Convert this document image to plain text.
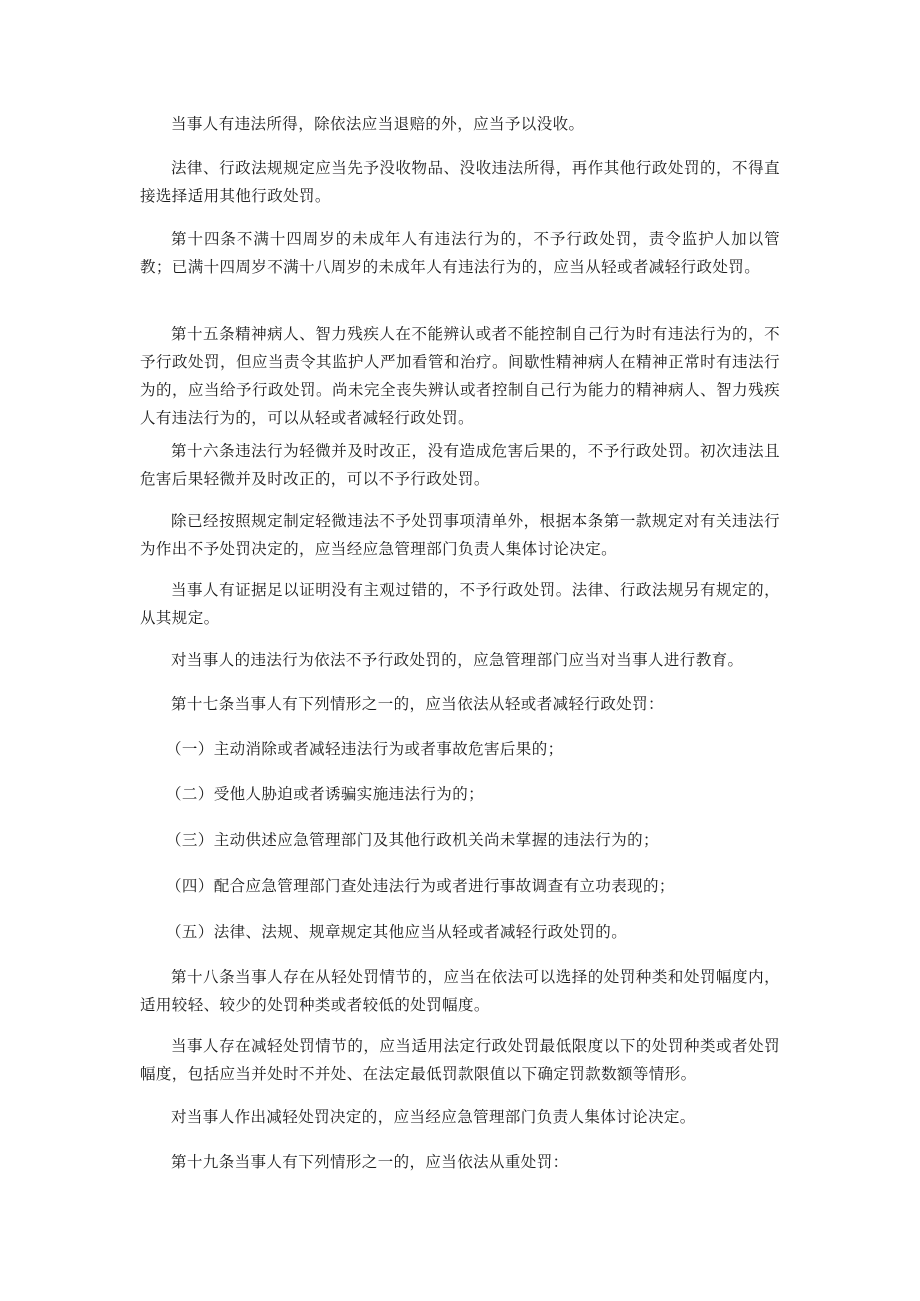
当事人有违法所得，除依法应当退赔的外，应当予以没收。

法律、行政法规规定应当先予没收物品、没收违法所得，再作其他行政处罚的，不得直接选择适用其他行政处罚。

第十四条不满十四周岁的未成年人有违法行为的，不予行政处罚，责令监护人加以管教；已满十四周岁不满十八周岁的未成年人有违法行为的，应当从轻或者减轻行政处罚。

第十五条精神病人、智力残疾人在不能辨认或者不能控制自己行为时有违法行为的，不予行政处罚，但应当责令其监护人严加看管和治疗。间歇性精神病人在精神正常时有违法行为的，应当给予行政处罚。尚未完全丧失辨认或者控制自己行为能力的精神病人、智力残疾人有违法行为的，可以从轻或者减轻行政处罚。

第十六条违法行为轻微并及时改正，没有造成危害后果的，不予行政处罚。初次违法且危害后果轻微并及时改正的，可以不予行政处罚。

除已经按照规定制定轻微违法不予处罚事项清单外，根据本条第一款规定对有关违法行为作出不予处罚决定的，应当经应急管理部门负责人集体讨论决定。

当事人有证据足以证明没有主观过错的，不予行政处罚。法律、行政法规另有规定的，从其规定。

对当事人的违法行为依法不予行政处罚的，应急管理部门应当对当事人进行教育。

第十七条当事人有下列情形之一的，应当依法从轻或者减轻行政处罚：

（一）主动消除或者减轻违法行为或者事故危害后果的；

（二）受他人胁迫或者诱骗实施违法行为的；

（三）主动供述应急管理部门及其他行政机关尚未掌握的违法行为的；

（四）配合应急管理部门查处违法行为或者进行事故调查有立功表现的；

（五）法律、法规、规章规定其他应当从轻或者减轻行政处罚的。

第十八条当事人存在从轻处罚情节的，应当在依法可以选择的处罚种类和处罚幅度内，适用较轻、较少的处罚种类或者较低的处罚幅度。

当事人存在减轻处罚情节的，应当适用法定行政处罚最低限度以下的处罚种类或者处罚幅度，包括应当并处时不并处、在法定最低罚款限值以下确定罚款数额等情形。

对当事人作出减轻处罚决定的，应当经应急管理部门负责人集体讨论决定。

第十九条当事人有下列情形之一的，应当依法从重处罚：
